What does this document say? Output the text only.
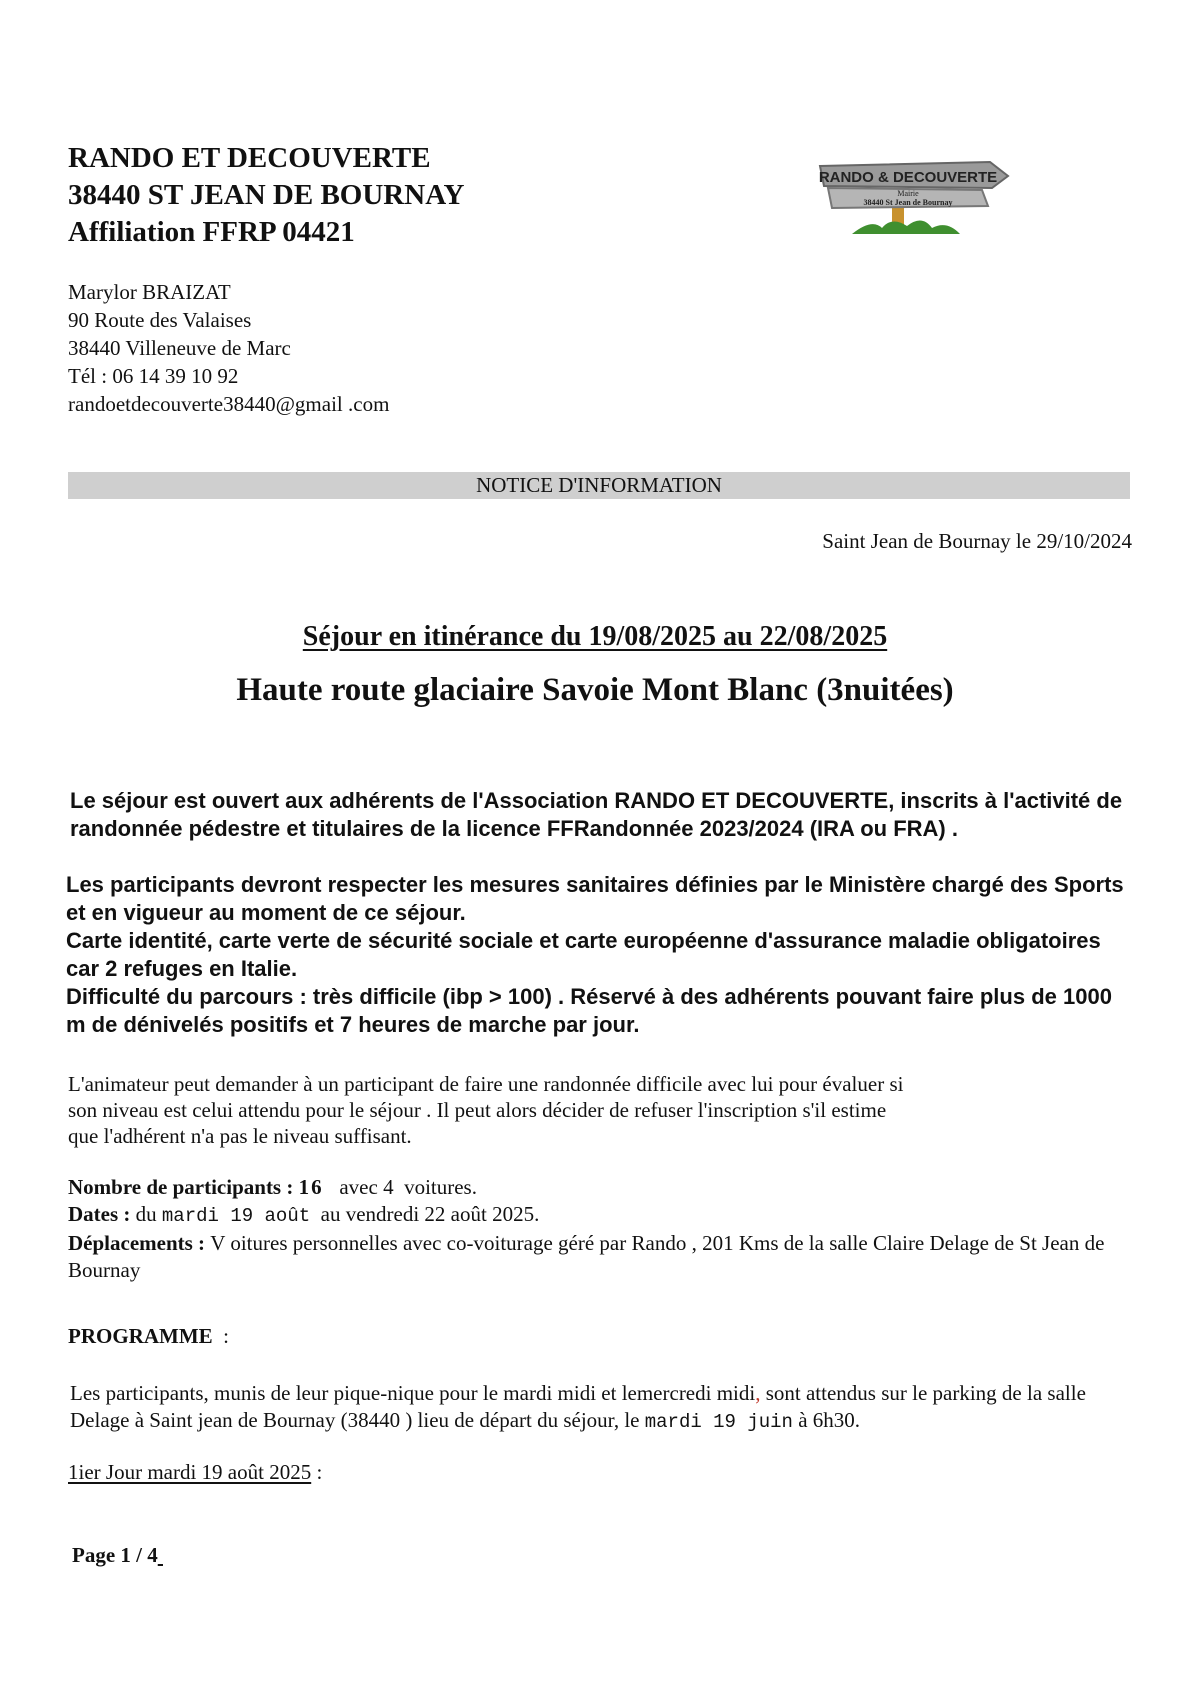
RANDO ET DECOUVERTE
38440 ST JEAN DE BOURNAY
Affiliation FFRP 04421
RANDO & DECOUVERTE
Mairie
38440 St Jean de Bournay
Marylor BRAIZAT
90 Route des Valaises
38440 Villeneuve de Marc
Tél : 06 14 39 10 92
randoetdecouverte38440@gmail .com
NOTICE D'INFORMATION
Saint Jean de Bournay le 29/10/2024
Séjour en itinérance du 19/08/2025 au 22/08/2025
Haute route glaciaire Savoie Mont Blanc (3nuitées)
Le séjour est ouvert aux adhérents de l'Association RANDO ET DECOUVERTE, inscrits à l'activité de randonnée pédestre et titulaires de la licence FFRandonnée 2023/2024 (IRA ou FRA) .
Les participants devront respecter les mesures sanitaires définies par le Ministère chargé des Sports et en vigueur au moment de ce séjour.
Carte identité, carte verte de sécurité sociale et carte européenne d'assurance maladie obligatoires car 2 refuges en Italie.
Difficulté du parcours : très difficile (ibp > 100) . Réservé à des adhérents pouvant faire plus de 1000 m de dénivelés positifs et 7 heures de marche par jour.
L'animateur peut demander à un participant de faire une randonnée difficile avec lui pour évaluer si
son niveau est celui attendu pour le séjour . Il peut alors décider de refuser l'inscription s'il estime
que l'adhérent n'a pas le niveau suffisant.
Nombre de participants : 16   avec 4  voitures.
Dates : du mardi 19 août  au vendredi 22 août 2025.
Déplacements : V oitures personnelles avec co-voiturage géré par Rando , 201 Kms de la salle Claire Delage de St Jean de Bournay
PROGRAMME  :
Les participants, munis de leur pique-nique pour le mardi midi et lemercredi midi, sont attendus sur le parking de la salle Delage à Saint jean de Bournay (38440 ) lieu de départ du séjour, le mardi 19 juin à 6h30.
1ier Jour mardi 19 août 2025 :
Page 1 / 4
